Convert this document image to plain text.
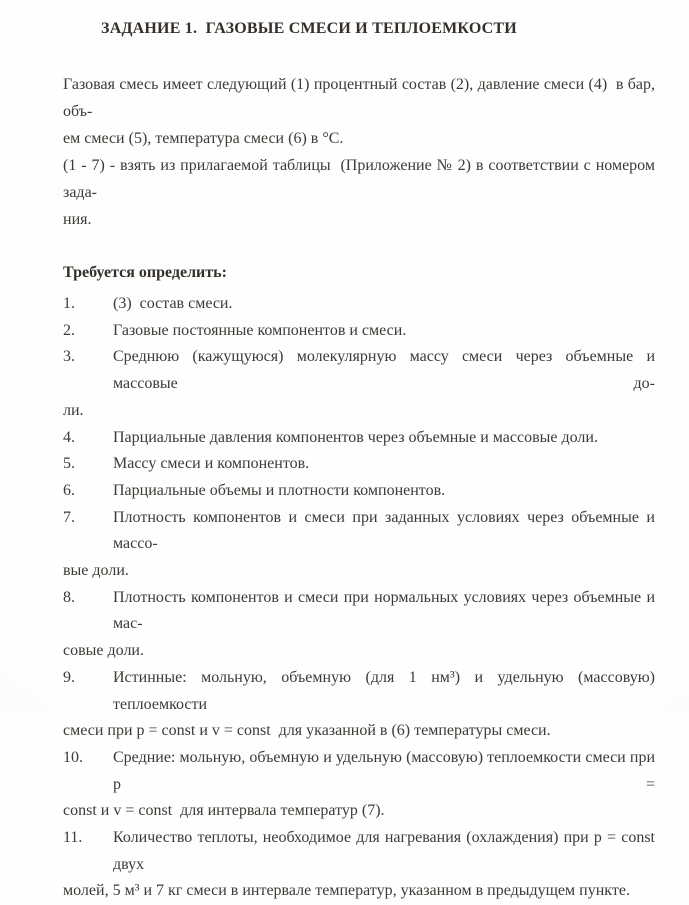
ЗАДАНИЕ 1.  ГАЗОВЫЕ СМЕСИ И ТЕПЛОЕМКОСТИ
Газовая смесь имеет следующий (1) процентный состав (2), давление смеси (4)  в бар, объ-
ем смеси (5), температура смеси (6) в °С.
(1 - 7) - взять из прилагаемой таблицы  (Приложение № 2) в соответствии с номером зада-
ния.
Требуется определить:
1.	(3)  состав смеси.
2.	Газовые постоянные компонентов и смеси.
3.	Среднюю (кажущуюся) молекулярную массу смеси через объемные и массовые до-
ли.
4.	Парциальные давления компонентов через объемные и массовые доли.
5.	Массу смеси и компонентов.
6.	Парциальные объемы и плотности компонентов.
7.	Плотность компонентов и смеси при заданных условиях через объемные и массо-
вые доли.
8.	Плотность компонентов и смеси при нормальных условиях через объемные и мас-
совые доли.
9.	Истинные: мольную, объемную (для 1 нм³) и удельную (массовую) теплоемкости
смеси при p = const и v = const  для указанной в (6) температуры смеси.
10.	Средние: мольную, объемную и удельную (массовую) теплоемкости смеси при p =
const и v = const  для интервала температур (7).
11.	Количество теплоты, необходимое для нагревания (охлаждения) при p = const  двух
молей, 5 м³ и 7 кг смеси в интервале температур, указанном в предыдущем пункте.
